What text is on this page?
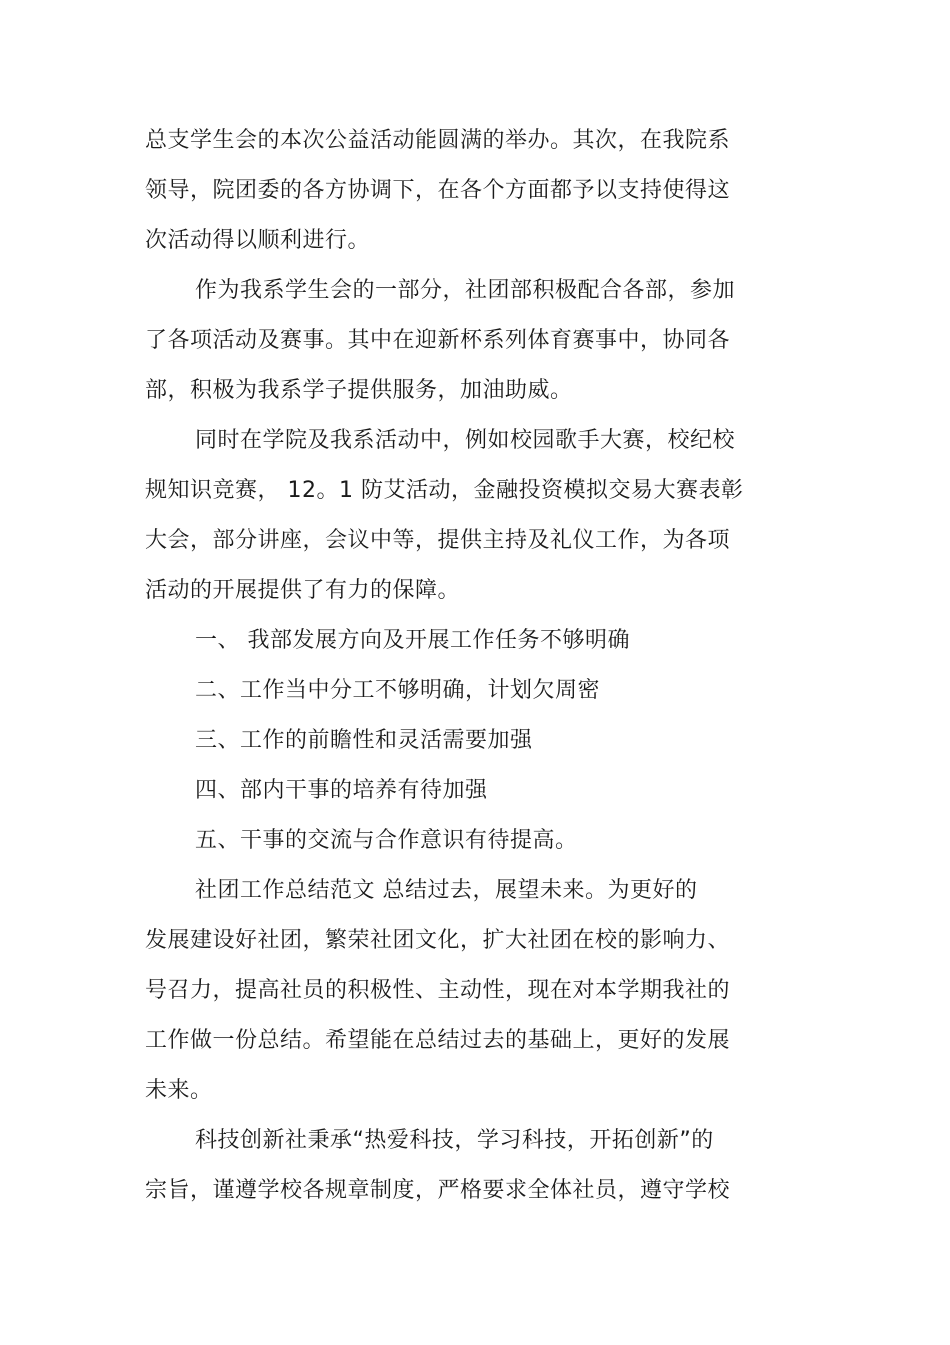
总支学生会的本次公益活动能圆满的举办。其次，在我院系
领导，院团委的各方协调下，在各个方面都予以支持使得这
次活动得以顺利进行。
作为我系学生会的一部分，社团部积极配合各部，参加
了各项活动及赛事。其中在迎新杯系列体育赛事中，协同各
部，积极为我系学子提供服务，加油助威。
同时在学院及我系活动中，例如校园歌手大赛，校纪校
规知识竞赛， 12。1 防艾活动，金融投资模拟交易大赛表彰
大会，部分讲座，会议中等，提供主持及礼仪工作，为各项
活动的开展提供了有力的保障。
一、 我部发展方向及开展工作任务不够明确
二、工作当中分工不够明确，计划欠周密
三、工作的前瞻性和灵活需要加强
四、部内干事的培养有待加强
五、干事的交流与合作意识有待提高。
社团工作总结范文 总结过去，展望未来。为更好的
发展建设好社团，繁荣社团文化，扩大社团在校的影响力、
号召力，提高社员的积极性、主动性，现在对本学期我社的
工作做一份总结。希望能在总结过去的基础上，更好的发展
未来。
科技创新社秉承“热爱科技，学习科技，开拓创新”的
宗旨，谨遵学校各规章制度，严格要求全体社员，遵守学校
